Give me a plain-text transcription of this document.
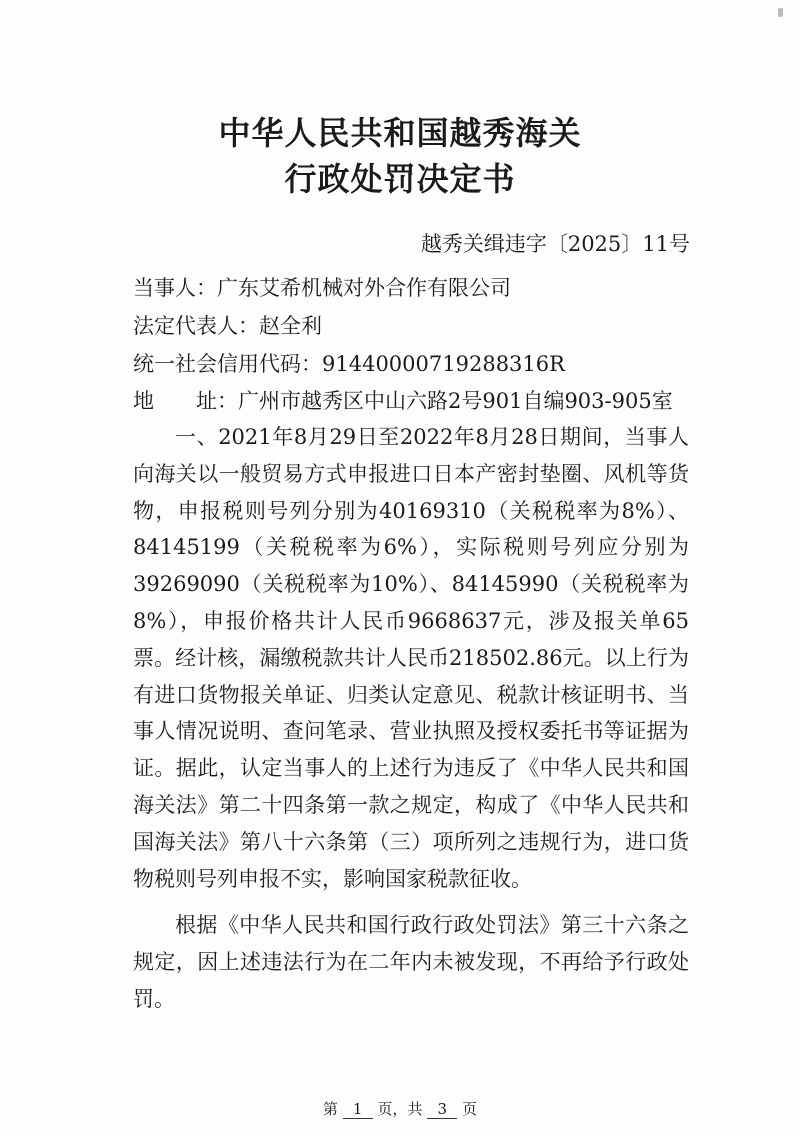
中华人民共和国越秀海关
行政处罚决定书
越秀关缉违字〔2025〕11号
当事人：广东艾希机械对外合作有限公司
法定代表人：赵全利
统一社会信用代码：91440000719288316R
地 址：广州市越秀区中山六路2号901自编903-905室

一、2021年8月29日至2022年8月28日期间，当事人向海关以一般贸易方式申报进口日本产密封垫圈、风机等货物，申报税则号列分别为40169310（关税税率为8%）、84145199（关税税率为6%），实际税则号列应分别为39269090（关税税率为10%）、84145990（关税税率为8%），申报价格共计人民币9668637元，涉及报关单65票。经计核，漏缴税款共计人民币218502.86元。以上行为有进口货物报关单证、归类认定意见、税款计核证明书、当事人情况说明、查问笔录、营业执照及授权委托书等证据为证。据此，认定当事人的上述行为违反了《中华人民共和国海关法》第二十四条第一款之规定，构成了《中华人民共和国海关法》第八十六条第（三）项所列之违规行为，进口货物税则号列申报不实，影响国家税款征收。

根据《中华人民共和国行政行政处罚法》第三十六条之规定，因上述违法行为在二年内未被发现，不再给予行政处罚。

第 1 页，共 3 页
